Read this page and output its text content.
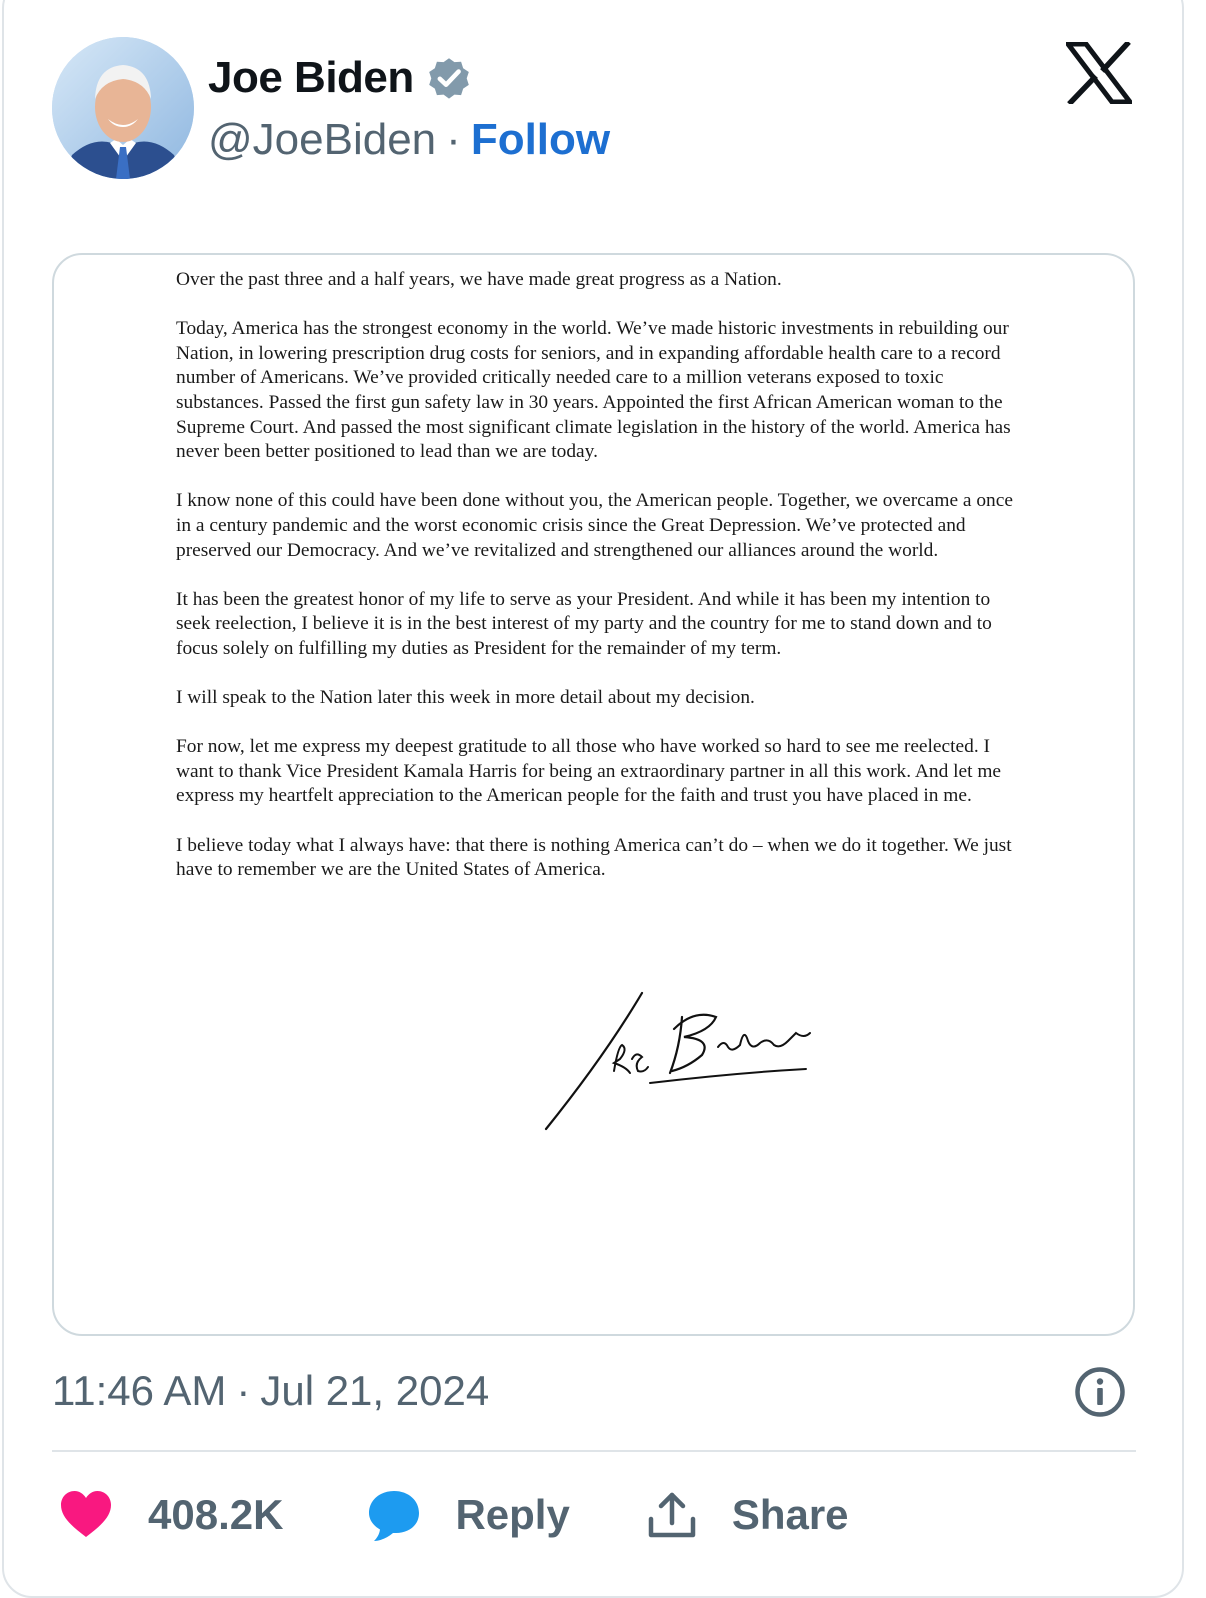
Joe Biden
@JoeBiden · Follow

Over the past three and a half years, we have made great progress as a Nation.

Today, America has the strongest economy in the world. We’ve made historic investments in rebuilding our Nation, in lowering prescription drug costs for seniors, and in expanding affordable health care to a record number of Americans. We’ve provided critically needed care to a million veterans exposed to toxic substances. Passed the first gun safety law in 30 years. Appointed the first African American woman to the Supreme Court. And passed the most significant climate legislation in the history of the world. America has never been better positioned to lead than we are today.

I know none of this could have been done without you, the American people. Together, we overcame a once in a century pandemic and the worst economic crisis since the Great Depression. We’ve protected and preserved our Democracy. And we’ve revitalized and strengthened our alliances around the world.

It has been the greatest honor of my life to serve as your President. And while it has been my intention to seek reelection, I believe it is in the best interest of my party and the country for me to stand down and to focus solely on fulfilling my duties as President for the remainder of my term.

I will speak to the Nation later this week in more detail about my decision.

For now, let me express my deepest gratitude to all those who have worked so hard to see me reelected. I want to thank Vice President Kamala Harris for being an extraordinary partner in all this work. And let me express my heartfelt appreciation to the American people for the faith and trust you have placed in me.

I believe today what I always have: that there is nothing America can’t do – when we do it together. We just have to remember we are the United States of America.

11:46 AM · Jul 21, 2024
408.2K	Reply	Share
